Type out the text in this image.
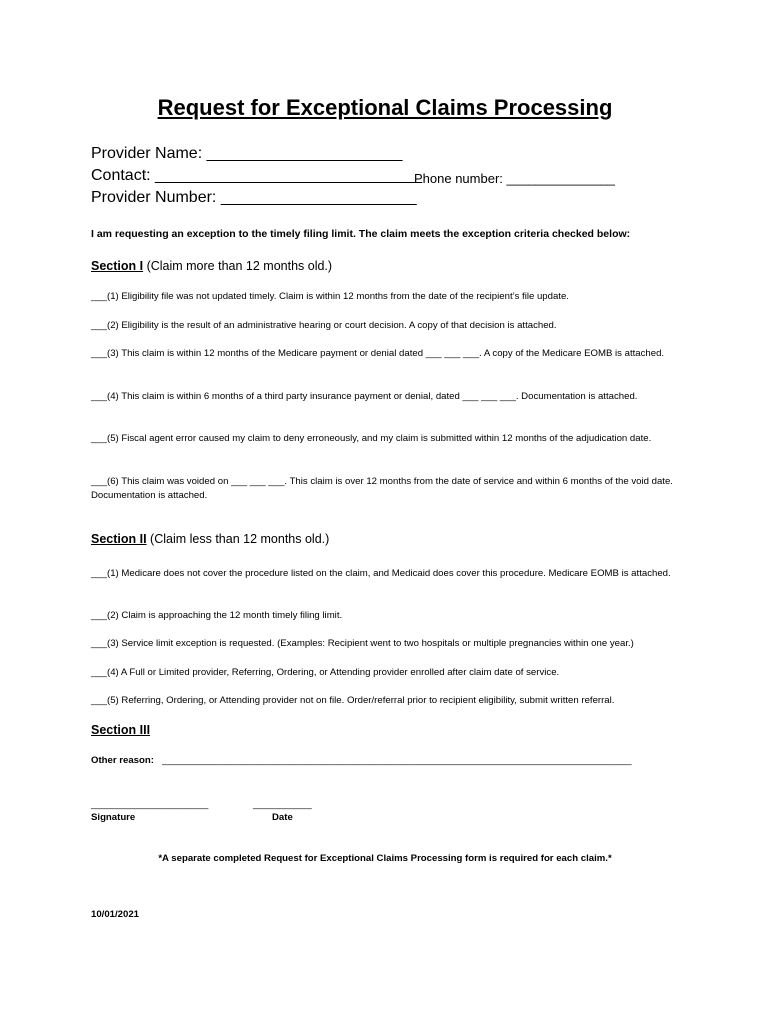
Request for Exceptional Claims Processing
Provider Name: ______________________
Contact: ______________________________
Phone number: _______________
Provider Number: ______________________
I am requesting an exception to the timely filing limit. The claim meets the exception criteria checked below:
Section I (Claim more than 12 months old.)
___(1) Eligibility file was not updated timely. Claim is within 12 months from the date of the recipient’s file update.
___(2) Eligibility is the result of an administrative hearing or court decision. A copy of that decision is attached.
___(3) This claim is within 12 months of the Medicare payment or denial dated ___ ___ ___. A copy of the Medicare EOMB is attached.
___(4) This claim is within 6 months of a third party insurance payment or denial, dated ___ ___ ___. Documentation is attached.
___(5) Fiscal agent error caused my claim to deny erroneously, and my claim is submitted within 12 months of the adjudication date.
___(6) This claim was voided on ___ ___ ___. This claim is over 12 months from the date of service and within 6 months of the void date. Documentation is attached.
Section II (Claim less than 12 months old.)
___(1) Medicare does not cover the procedure listed on the claim, and Medicaid does cover this procedure. Medicare EOMB is attached.
___(2) Claim is approaching the 12 month timely filing limit.
___(3) Service limit exception is requested. (Examples: Recipient went to two hospitals or multiple pregnancies within one year.)
___(4) A Full or Limited provider, Referring, Ordering, or Attending provider enrolled after claim date of service.
___(5) Referring, Ordering, or Attending provider not on file. Order/referral prior to recipient eligibility, submit written referral.
Section III
Other reason: ________________________________________________________________________________________
______________________	___________
Signature	Date
*A separate completed Request for Exceptional Claims Processing form is required for each claim.*
10/01/2021
